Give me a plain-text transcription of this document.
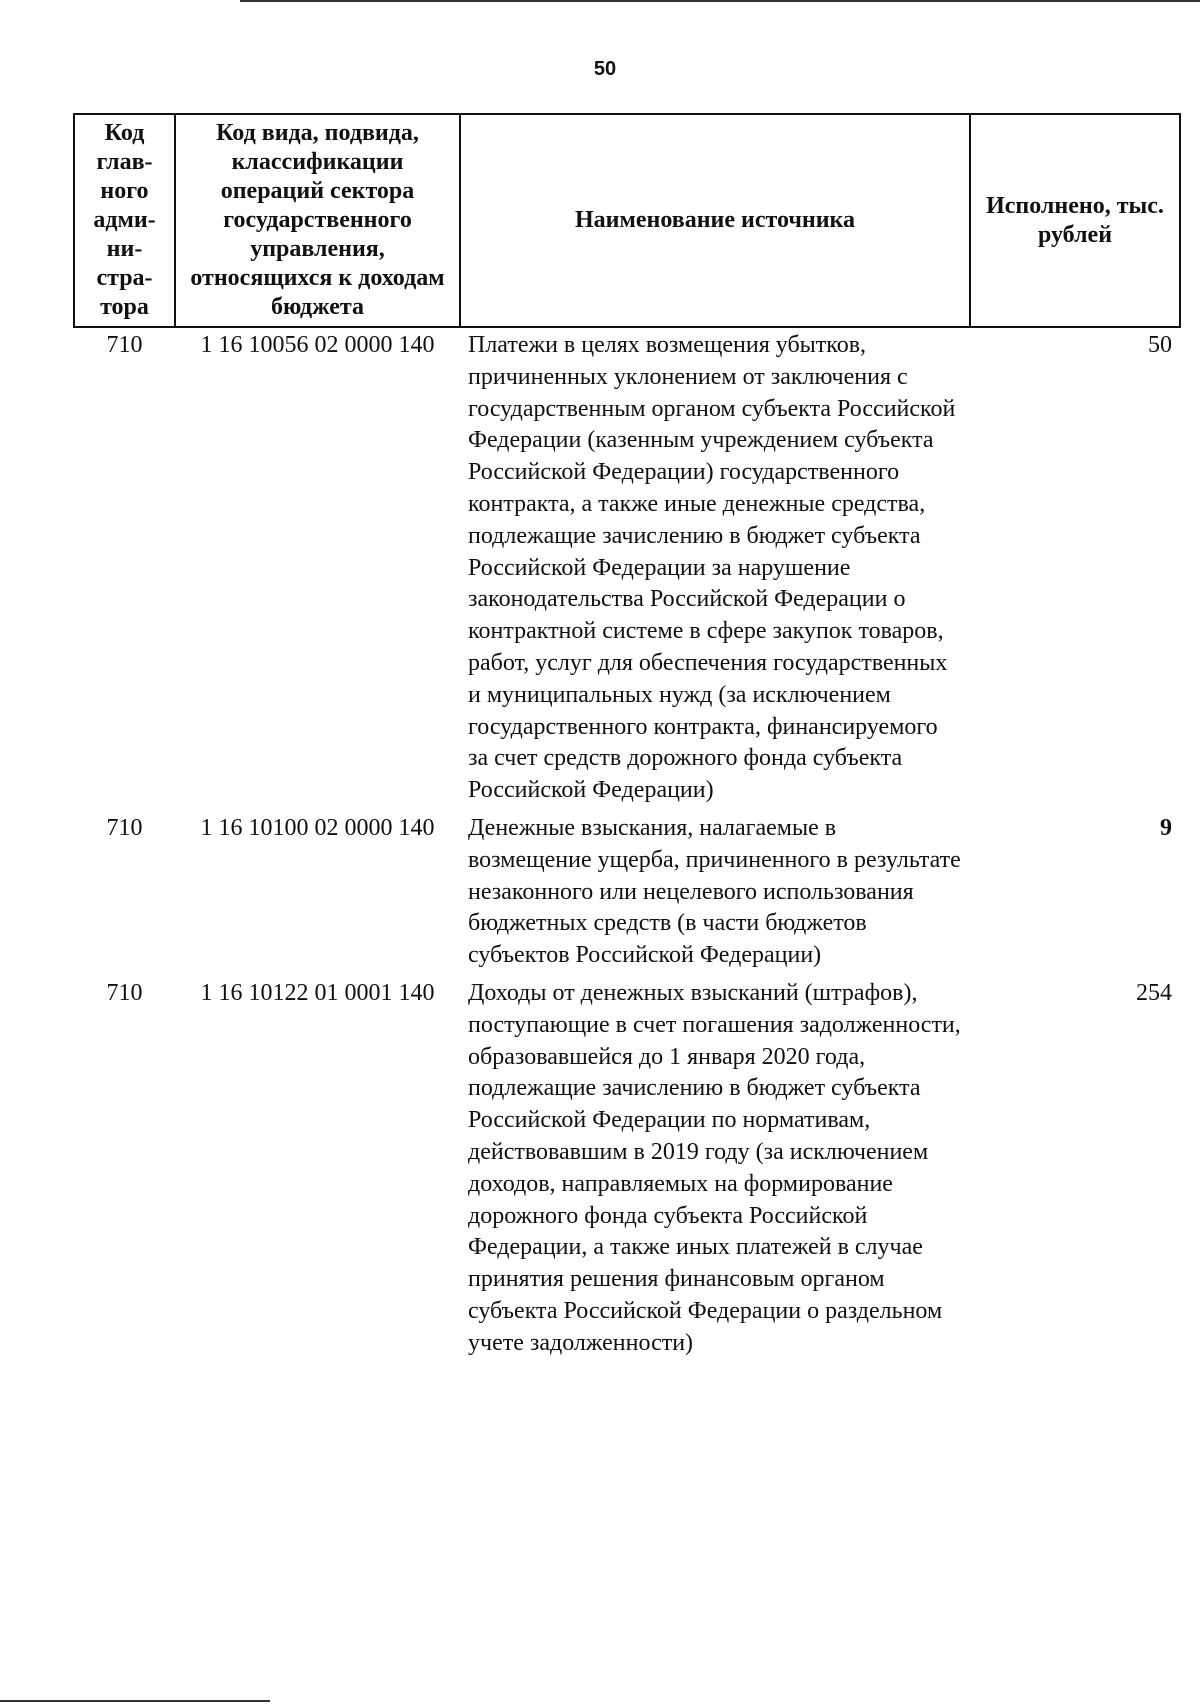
50
Код глав-ного адми-ни-стра-тора	Код вида, подвида, классификации операций сектора государственного управления, относящихся к доходам бюджета	Наименование источника	Исполнено, тыс. рублей
710	1 16 10056 02 0000 140	Платежи в целях возмещения убытков, причиненных уклонением от заключения с государственным органом субъекта Российской Федерации (казенным учреждением субъекта Российской Федерации) государственного контракта, а также иные денежные средства, подлежащие зачислению в бюджет субъекта Российской Федерации за нарушение законодательства Российской Федерации о контрактной системе в сфере закупок товаров, работ, услуг для обеспечения государственных и муниципальных нужд (за исключением государственного контракта, финансируемого за счет средств дорожного фонда субъекта Российской Федерации)	50
710	1 16 10100 02 0000 140	Денежные взыскания, налагаемые в возмещение ущерба, причиненного в результате незаконного или нецелевого использования бюджетных средств (в части бюджетов субъектов Российской Федерации)	9
710	1 16 10122 01 0001 140	Доходы от денежных взысканий (штрафов), поступающие в счет погашения задолженности, образовавшейся до 1 января 2020 года, подлежащие зачислению в бюджет субъекта Российской Федерации по нормативам, действовавшим в 2019 году (за исключением доходов, направляемых на формирование дорожного фонда субъекта Российской Федерации, а также иных платежей в случае принятия решения финансовым органом субъекта Российской Федерации о раздельном учете задолженности)	254
